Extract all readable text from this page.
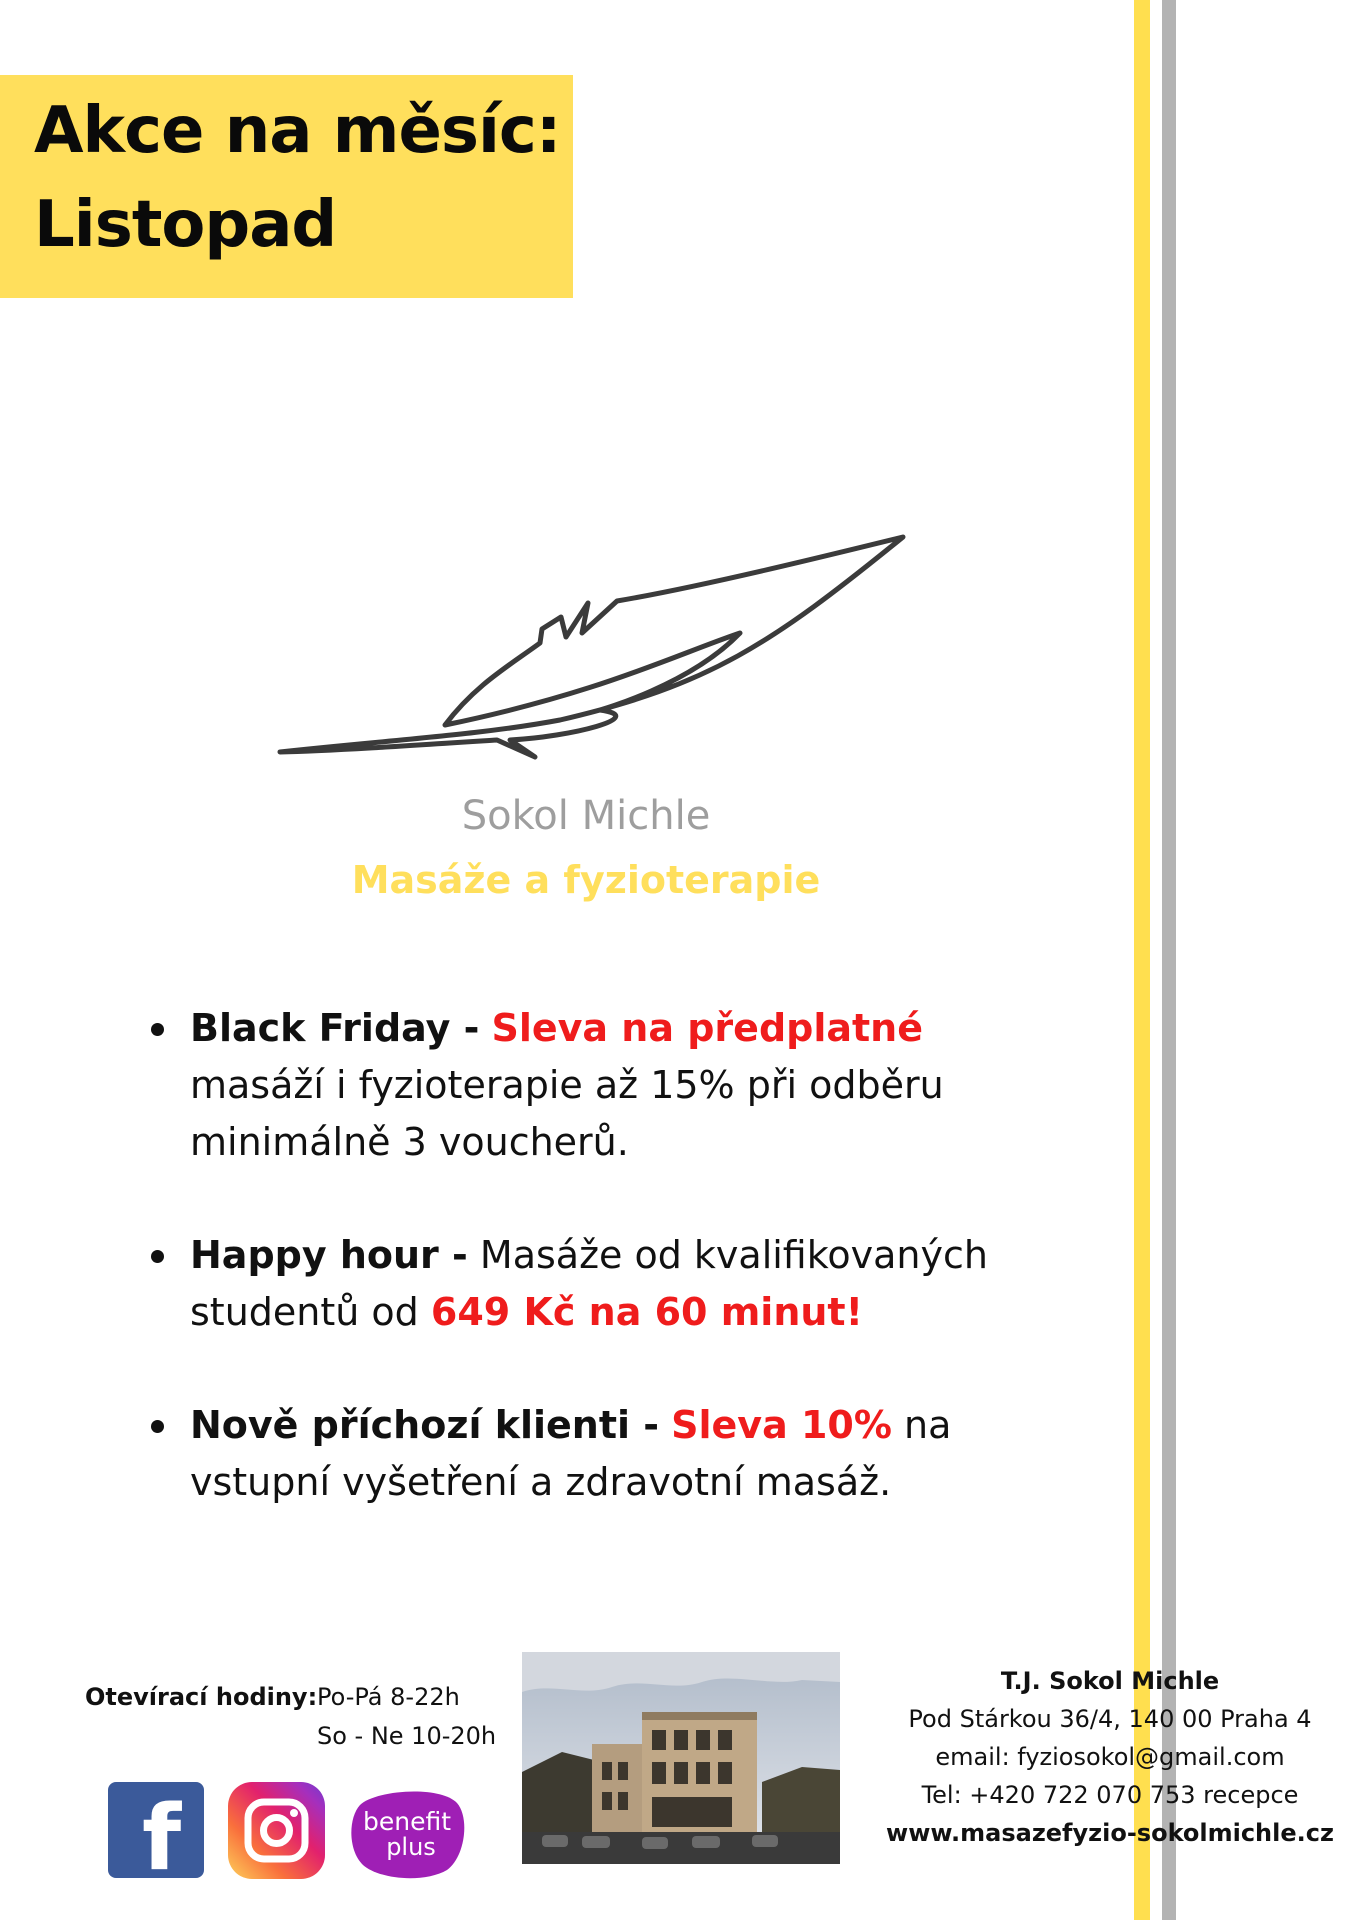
Akce na měsíc:
Listopad
Sokol Michle
Masáže a fyzioterapie
Black Friday - Sleva na předplatné masáží i fyzioterapie až 15% při odběru minimálně 3 voucherů.
Happy hour - Masáže od kvalifikovaných studentů od 649 Kč na 60 minut!
Nově příchozí klienti - Sleva 10% na vstupní vyšetření a zdravotní masáž.
Otevírací hodiny: Po-Pá 8-22h
So - Ne 10-20h
f	benefit
plus
T.J. Sokol Michle
Pod Stárkou 36/4, 140 00 Praha 4
email: fyziosokol@gmail.com
Tel: +420 722 070 753 recepce
www.masazefyzio-sokolmichle.cz
